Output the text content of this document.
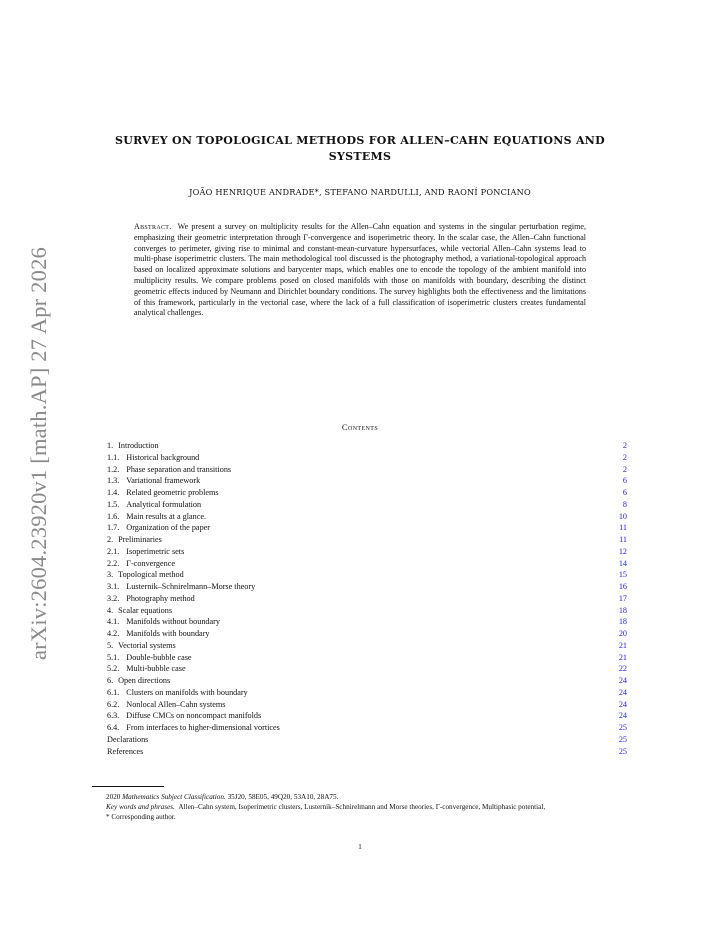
arXiv:2604.23920v1 [math.AP] 27 Apr 2026
SURVEY ON TOPOLOGICAL METHODS FOR ALLEN–CAHN EQUATIONS AND
SYSTEMS
JOÃO HENRIQUE ANDRADE*, STEFANO NARDULLI, AND RAONÍ PONCIANO

Abstract. We present a survey on multiplicity results for the Allen–Cahn equation and systems in the singular perturbation regime, emphasizing their geometric interpretation through Γ-convergence and isoperimetric theory. In the scalar case, the Allen–Cahn functional converges to perimeter, giving rise to minimal and constant-mean-curvature hypersurfaces, while vectorial Allen–Cahn systems lead to multi-phase isoperimetric clusters. The main methodological tool discussed is the photography method, a variational-topological approach based on localized approximate solutions and barycenter maps, which enables one to encode the topology of the ambient manifold into multiplicity results. We compare problems posed on closed manifolds with those on manifolds with boundary, describing the distinct geometric effects induced by Neumann and Dirichlet boundary conditions. The survey highlights both the effectiveness and the limitations of this framework, particularly in the vectorial case, where the lack of a full classification of isoperimetric clusters creates fundamental analytical challenges.

Contents
1. Introduction	2
1.1. Historical background	2
1.2. Phase separation and transitions	2
1.3. Variational framework	6
1.4. Related geometric problems	6
1.5. Analytical formulation	8
1.6. Main results at a glance.	10
1.7. Organization of the paper	11
2. Preliminaries	11
2.1. Isoperimetric sets	12
2.2. Γ-convergence	14
3. Topological method	15
3.1. Lusternik–Schnirelmann–Morse theory	16
3.2. Photography method	17
4. Scalar equations	18
4.1. Manifolds without boundary	18
4.2. Manifolds with boundary	20
5. Vectorial systems	21
5.1. Double-bubble case	21
5.2. Multi-bubble case	22
6. Open directions	24
6.1. Clusters on manifolds with boundary	24
6.2. Nonlocal Allen–Cahn systems	24
6.3. Diffuse CMCs on noncompact manifolds	24
6.4. From interfaces to higher-dimensional vortices	25
Declarations	25
References	25

2020 Mathematics Subject Classification. 35J20, 58E05, 49Q20, 53A10, 28A75.

Key words and phrases. Allen–Cahn system, Isoperimetric clusters, Lusternik–Schnirelmann and Morse theories, Γ-convergence, Multiphasic potential,

* Corresponding author.

1
